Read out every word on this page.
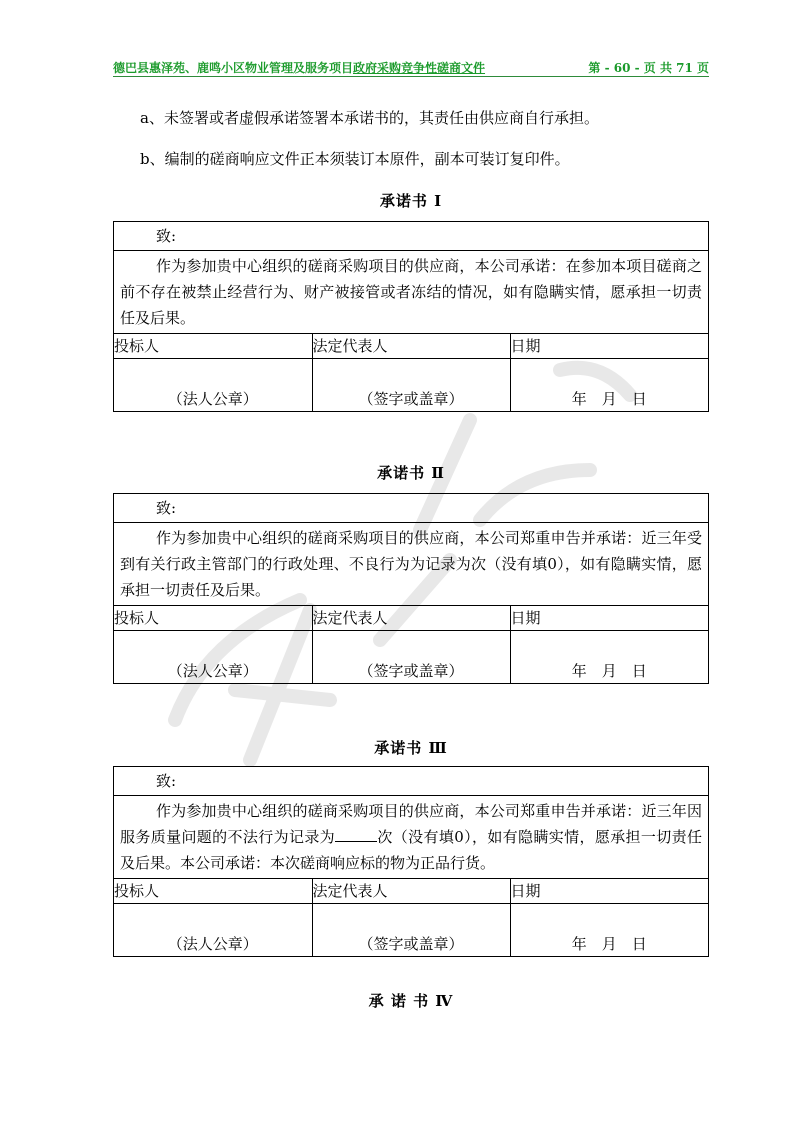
德巴县惠泽苑、鹿鸣小区物业管理及服务项目政府采购竞争性磋商文件	第 - 60 - 页 共 71 页
a、未签署或者虚假承诺签署本承诺书的，其责任由供应商自行承担。
b、编制的磋商响应文件正本须装订本原件，副本可装订复印件。
承诺书 Ⅰ
致:
作为参加贵中心组织的磋商采购项目的供应商，本公司承诺：在参加本项目磋商之前不存在被禁止经营行为、财产被接管或者冻结的情况，如有隐瞒实情，愿承担一切责任及后果。
投标人	法定代表人	日期

（法人公章）	（签字或盖章）	年　月　日
承诺书 Ⅱ
致:
作为参加贵中心组织的磋商采购项目的供应商，本公司郑重申告并承诺：近三年受到有关行政主管部门的行政处理、不良行为为记录为次（没有填0），如有隐瞒实情，愿承担一切责任及后果。
投标人	法定代表人	日期

（法人公章）	（签字或盖章）	年　月　日
承诺书 Ⅲ
致:
作为参加贵中心组织的磋商采购项目的供应商，本公司郑重申告并承诺：近三年因服务质量问题的不法行为记录为	次（没有填0），如有隐瞒实情，愿承担一切责任及后果。本公司承诺：本次磋商响应标的物为正品行货。
投标人	法定代表人	日期

（法人公章）	（签字或盖章）	年　月　日
承 诺 书 Ⅳ
